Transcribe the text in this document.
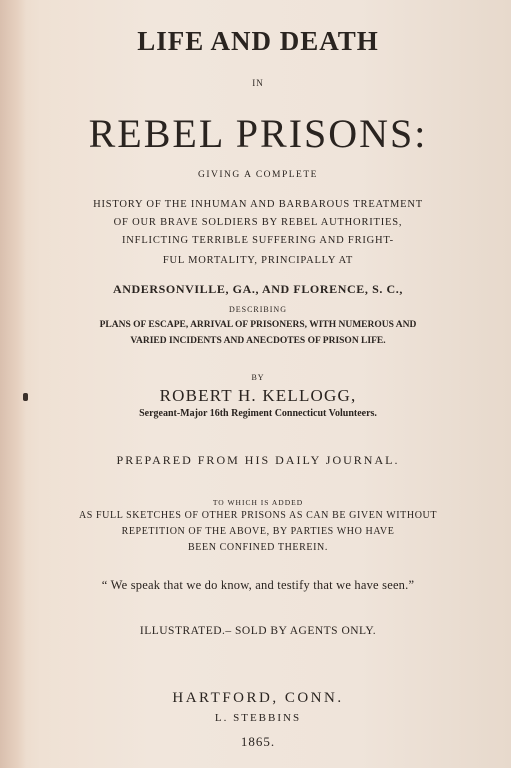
LIFE AND DEATH
IN
REBEL PRISONS:
GIVING A COMPLETE
HISTORY OF THE INHUMAN AND BARBAROUS TREATMENT
OF OUR BRAVE SOLDIERS BY REBEL AUTHORITIES,
INFLICTING TERRIBLE SUFFERING AND FRIGHT-
FUL MORTALITY, PRINCIPALLY AT
ANDERSONVILLE, GA., AND FLORENCE, S. C.,
DESCRIBING
PLANS OF ESCAPE, ARRIVAL OF PRISONERS, WITH NUMEROUS AND
VARIED INCIDENTS AND ANECDOTES OF PRISON LIFE.
BY
ROBERT H. KELLOGG,
Sergeant-Major 16th Regiment Connecticut Volunteers.
PREPARED FROM HIS DAILY JOURNAL.
TO WHICH IS ADDED
AS FULL SKETCHES OF OTHER PRISONS AS CAN BE GIVEN WITHOUT
REPETITION OF THE ABOVE, BY PARTIES WHO HAVE
BEEN CONFINED THEREIN.
“ We speak that we do know, and testify that we have seen.”
ILLUSTRATED.– SOLD BY AGENTS ONLY.
HARTFORD, CONN.
L. STEBBINS
1865.
